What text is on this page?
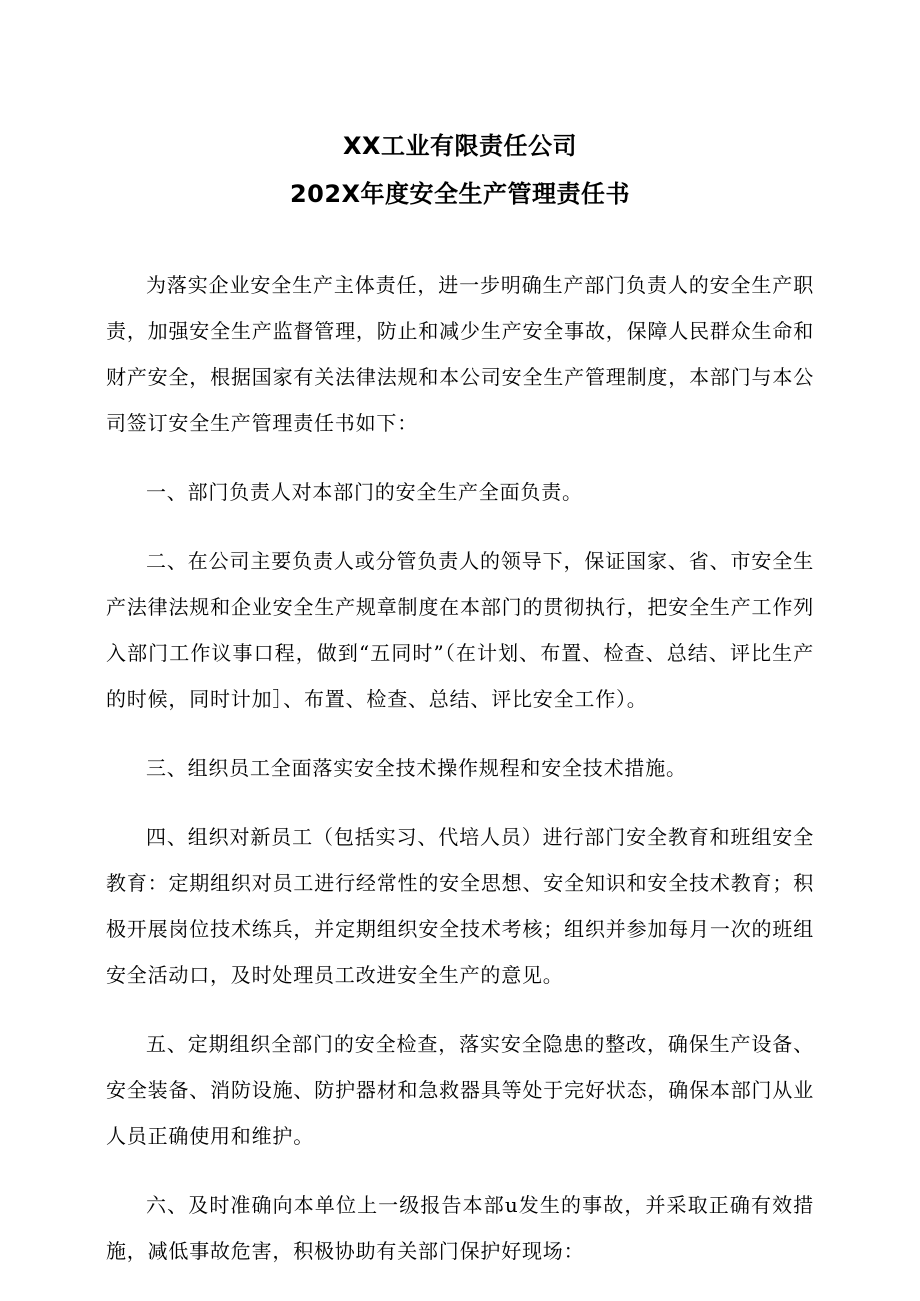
XX工业有限责任公司
202X年度安全生产管理责任书

为落实企业安全生产主体责任，进一步明确生产部门负责人的安全生产职责，加强安全生产监督管理，防止和减少生产安全事故，保障人民群众生命和财产安全，根据国家有关法律法规和本公司安全生产管理制度，本部门与本公司签订安全生产管理责任书如下：

一、部门负责人对本部门的安全生产全面负责。

二、在公司主要负责人或分管负责人的领导下，保证国家、省、市安全生产法律法规和企业安全生产规章制度在本部门的贯彻执行，把安全生产工作列入部门工作议事口程，做到“五同时”（在计划、布置、检查、总结、评比生产的时候，同时计加］、布置、检查、总结、评比安全工作）。

三、组织员工全面落实安全技术操作规程和安全技术措施。

四、组织对新员工（包括实习、代培人员）进行部门安全教育和班组安全教育：定期组织对员工进行经常性的安全思想、安全知识和安全技术教育；积极开展岗位技术练兵，并定期组织安全技术考核；组织并参加每月一次的班组安全活动口，及时处理员工改进安全生产的意见。

五、定期组织全部门的安全检查，落实安全隐患的整改，确保生产设备、安全装备、消防设施、防护器材和急救器具等处于完好状态，确保本部门从业人员正确使用和维护。

六、及时准确向本单位上一级报告本部u发生的事故，并采取正确有效措施，减低事故危害，积极协助有关部门保护好现场：
